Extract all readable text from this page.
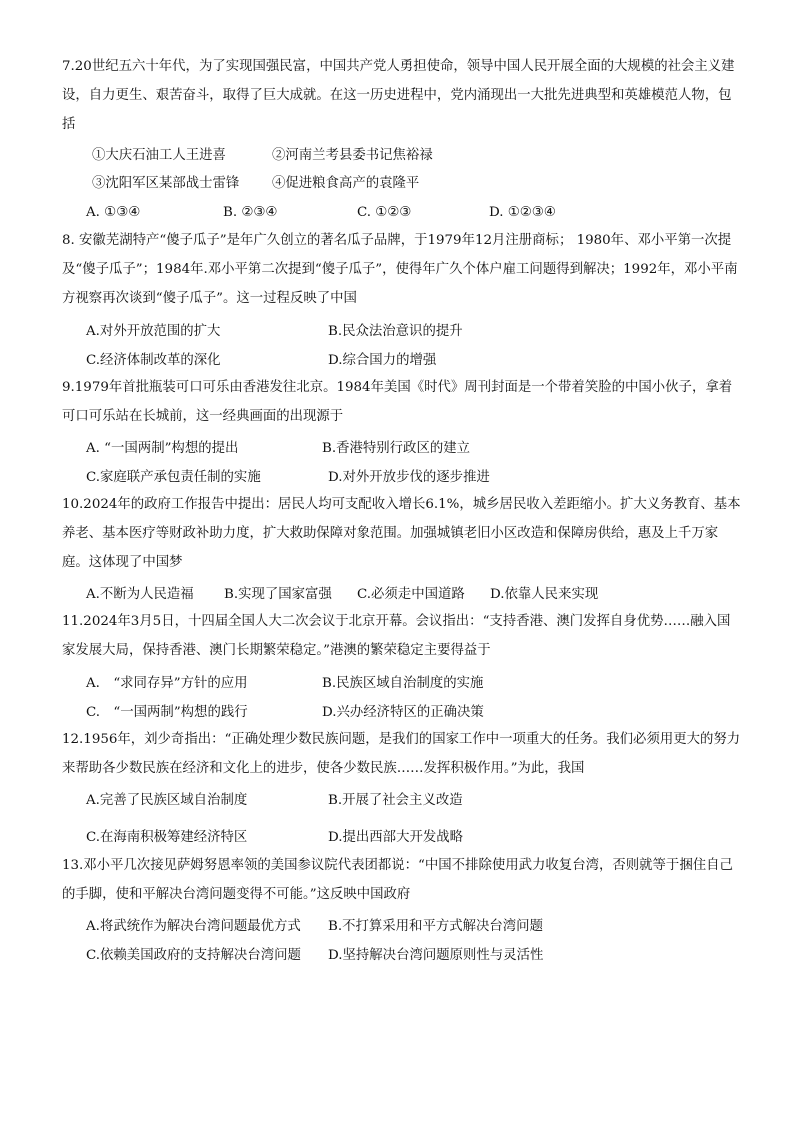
7.20世纪五六十年代，为了实现国强民富，中国共产党人勇担使命，领导中国人民开展全面的大规模的社会主义建设，自力更生、艰苦奋斗，取得了巨大成就。在这一历史进程中，党内涌现出一大批先进典型和英雄模范人物，包括

①大庆石油工人王进喜	②河南兰考县委书记焦裕禄
③沈阳军区某部战士雷锋 ④促进粮食高产的袁隆平
A. ①③④	B. ②③④	C. ①②③	D. ①②③④

8. 安徽芜湖特产“傻子瓜子”是年广久创立的著名瓜子品牌，于1979年12月注册商标； 1980年、邓小平第一次提及“傻子瓜子”；1984年.邓小平第二次提到“傻子瓜子”，使得年广久个体户雇工问题得到解决；1992年，邓小平南方视察再次谈到“傻子瓜子”。这一过程反映了中国

A.对外开放范围的扩大	B.民众法治意识的提升
C.经济体制改革的深化	D.综合国力的增强

9.1979年首批瓶装可口可乐由香港发往北京。1984年美国《时代》周刊封面是一个带着笑脸的中国小伙子，拿着可口可乐站在长城前，这一经典画面的出现源于

A. “一国两制”构想的提出	B.香港特别行政区的建立
C.家庭联产承包责任制的实施	D.对外开放步伐的逐步推进

10.2024年的政府工作报告中提出：居民人均可支配收入增长6.1%，城乡居民收入差距缩小。扩大义务教育、基本养老、基本医疗等财政补助力度，扩大救助保障对象范围。加强城镇老旧小区改造和保障房供给，惠及上千万家庭。这体现了中国梦

A.不断为人民造福 B.实现了国家富强 C.必须走中国道路 D.依靠人民来实现

11.2024年3月5日，十四届全国人大二次会议于北京开幕。会议指出：“支持香港、澳门发挥自身优势……融入国家发展大局，保持香港、澳门长期繁荣稳定。”港澳的繁荣稳定主要得益于

A.　“求同存异”方针的应用	B.民族区域自治制度的实施
C.　“一国两制”构想的践行	D.兴办经济特区的正确决策

12.1956年，刘少奇指出：“正确处理少数民族问题，是我们的国家工作中一项重大的任务。我们必须用更大的努力来帮助各少数民族在经济和文化上的进步，使各少数民族……发挥积极作用。”为此，我国

A.完善了民族区域自治制度	B.开展了社会主义改造
C.在海南积极筹建经济特区	D.提出西部大开发战略

13.邓小平几次接见萨姆努恩率领的美国参议院代表团都说：“中国不排除使用武力收复台湾，否则就等于捆住自己的手脚，使和平解决台湾问题变得不可能。”这反映中国政府

A.将武统作为解决台湾问题最优方式 B.不打算采用和平方式解决台湾问题
C.依赖美国政府的支持解决台湾问题 D.坚持解决台湾问题原则性与灵活性
